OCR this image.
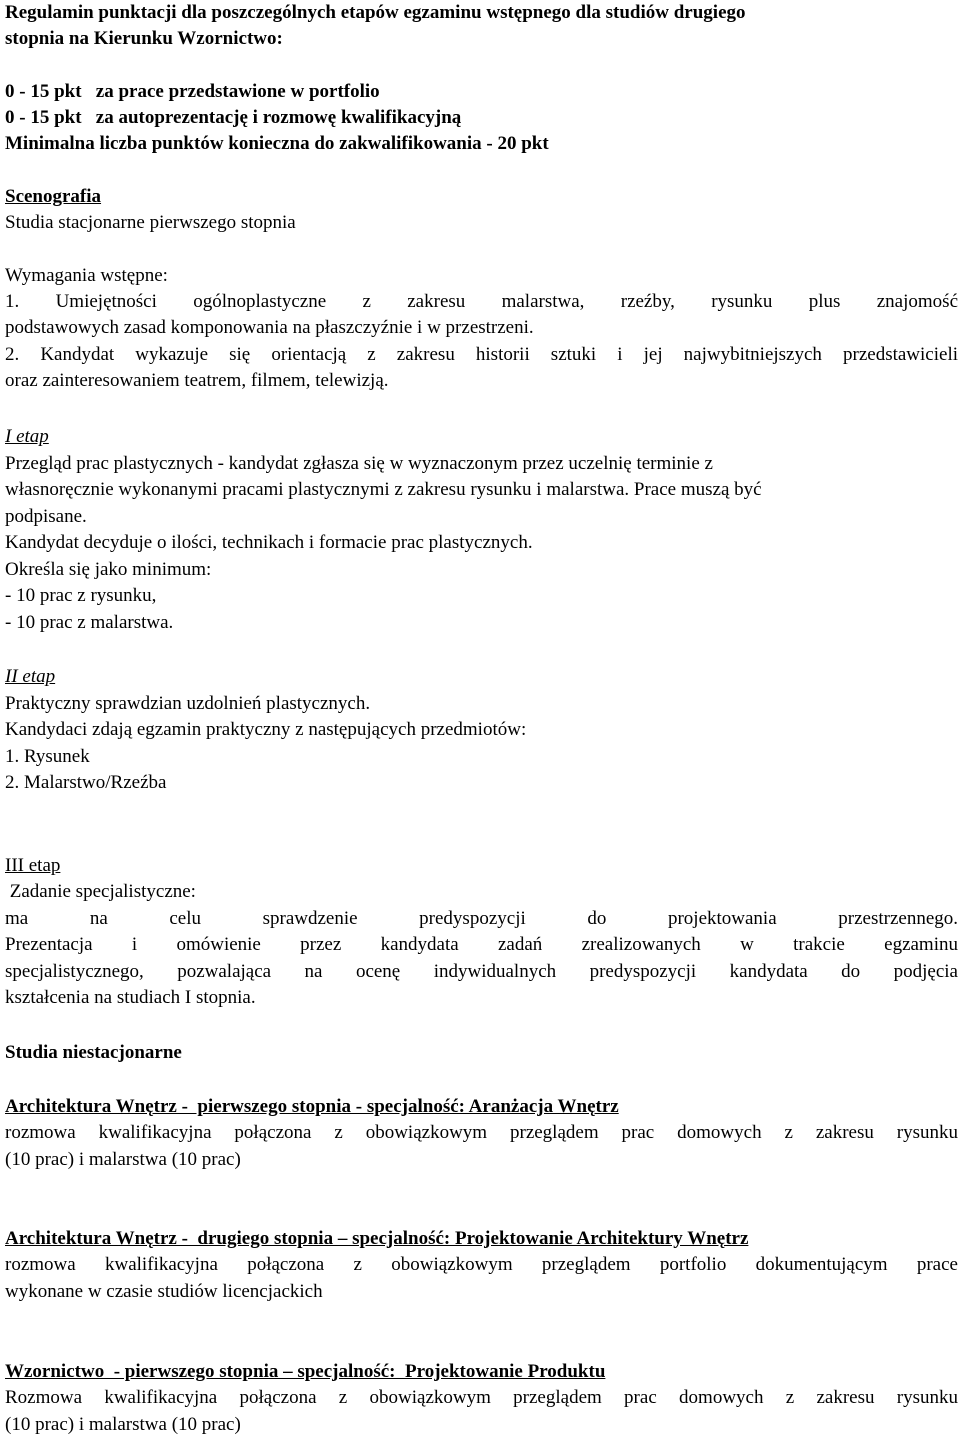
Regulamin punktacji dla poszczególnych etapów egzaminu wstępnego dla studiów drugiego
stopnia na Kierunku Wzornictwo:
0 - 15 pkt   za prace przedstawione w portfolio
0 - 15 pkt   za autoprezentację i rozmowę kwalifikacyjną
Minimalna liczba punktów konieczna do zakwalifikowania - 20 pkt
Scenografia
Studia stacjonarne pierwszego stopnia
Wymagania wstępne:
1. Umiejętności ogólnoplastyczne z zakresu malarstwa, rzeźby, rysunku plus znajomość
podstawowych zasad komponowania na płaszczyźnie i w przestrzeni.
2. Kandydat wykazuje się orientacją z zakresu historii sztuki i jej najwybitniejszych przedstawicieli
oraz zainteresowaniem teatrem, filmem, telewizją.
I etap
Przegląd prac plastycznych - kandydat zgłasza się w wyznaczonym przez uczelnię terminie z
własnoręcznie wykonanymi pracami plastycznymi z zakresu rysunku i malarstwa. Prace muszą być
podpisane.
Kandydat decyduje o ilości, technikach i formacie prac plastycznych.
Określa się jako minimum:
- 10 prac z rysunku,
- 10 prac z malarstwa.
II etap
Praktyczny sprawdzian uzdolnień plastycznych.
Kandydaci zdają egzamin praktyczny z następujących przedmiotów:
1. Rysunek
2. Malarstwo/Rzeźba
III etap
Zadanie specjalistyczne:
ma na celu sprawdzenie predyspozycji do projektowania przestrzennego.
Prezentacja i omówienie przez kandydata zadań zrealizowanych w trakcie egzaminu
specjalistycznego, pozwalająca na ocenę indywidualnych predyspozycji kandydata do podjęcia
kształcenia na studiach I stopnia.
Studia niestacjonarne
Architektura Wnętrz -  pierwszego stopnia - specjalność: Aranżacja Wnętrz
rozmowa kwalifikacyjna połączona z obowiązkowym przeglądem prac domowych z zakresu rysunku
(10 prac) i malarstwa (10 prac)
Architektura Wnętrz -  drugiego stopnia – specjalność: Projektowanie Architektury Wnętrz
rozmowa kwalifikacyjna połączona z obowiązkowym przeglądem portfolio dokumentującym prace
wykonane w czasie studiów licencjackich
Wzornictwo  - pierwszego stopnia – specjalność:  Projektowanie Produktu
Rozmowa kwalifikacyjna połączona z obowiązkowym przeglądem prac domowych z zakresu rysunku
(10 prac) i malarstwa (10 prac)
